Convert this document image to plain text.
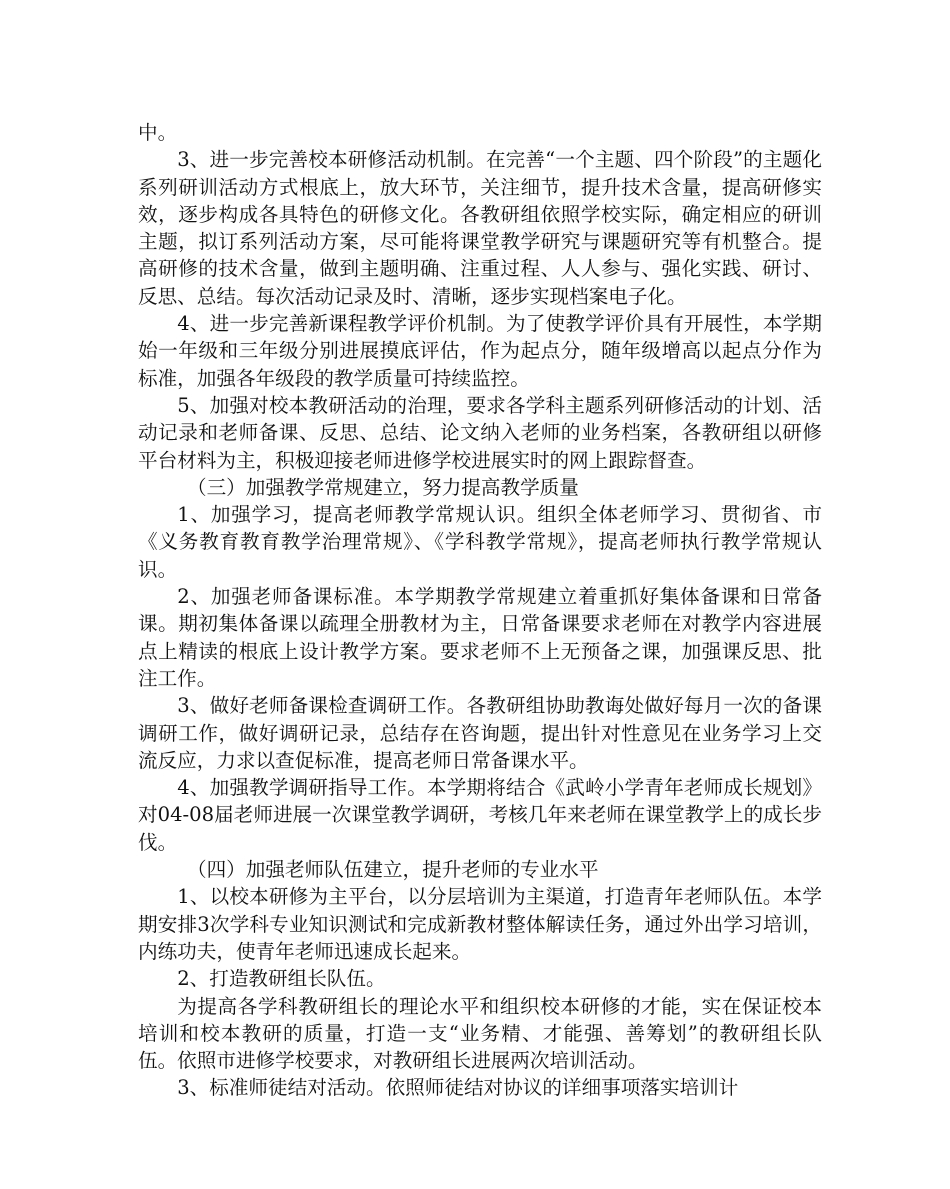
中。

3、进一步完善校本研修活动机制。在完善“一个主题、四个阶段”的主题化系列研训活动方式根底上，放大环节，关注细节，提升技术含量，提高研修实效，逐步构成各具特色的研修文化。各教研组依照学校实际，确定相应的研训主题，拟订系列活动方案，尽可能将课堂教学研究与课题研究等有机整合。提高研修的技术含量，做到主题明确、注重过程、人人参与、强化实践、研讨、反思、总结。每次活动记录及时、清晰，逐步实现档案电子化。

4、进一步完善新课程教学评价机制。为了使教学评价具有开展性，本学期始一年级和三年级分别进展摸底评估，作为起点分，随年级增高以起点分作为标准，加强各年级段的教学质量可持续监控。

5、加强对校本教研活动的治理，要求各学科主题系列研修活动的计划、活动记录和老师备课、反思、总结、论文纳入老师的业务档案，各教研组以研修平台材料为主，积极迎接老师进修学校进展实时的网上跟踪督查。

（三）加强教学常规建立，努力提高教学质量

1、加强学习，提高老师教学常规认识。组织全体老师学习、贯彻省、市《义务教育教育教学治理常规》、《学科教学常规》，提高老师执行教学常规认识。

2、加强老师备课标准。本学期教学常规建立着重抓好集体备课和日常备课。期初集体备课以疏理全册教材为主，日常备课要求老师在对教学内容进展点上精读的根底上设计教学方案。要求老师不上无预备之课，加强课反思、批注工作。

3、做好老师备课检查调研工作。各教研组协助教诲处做好每月一次的备课调研工作，做好调研记录，总结存在咨询题，提出针对性意见在业务学习上交流反应，力求以查促标准，提高老师日常备课水平。

4、加强教学调研指导工作。本学期将结合《武岭小学青年老师成长规划》对04-08届老师进展一次课堂教学调研，考核几年来老师在课堂教学上的成长步伐。

（四）加强老师队伍建立，提升老师的专业水平

1、以校本研修为主平台，以分层培训为主渠道，打造青年老师队伍。本学期安排3次学科专业知识测试和完成新教材整体解读任务，通过外出学习培训，内练功夫，使青年老师迅速成长起来。

2、打造教研组长队伍。

为提高各学科教研组长的理论水平和组织校本研修的才能，实在保证校本培训和校本教研的质量，打造一支“业务精、才能强、善筹划”的教研组长队伍。依照市进修学校要求，对教研组长进展两次培训活动。

3、标准师徒结对活动。依照师徒结对协议的详细事项落实培训计
